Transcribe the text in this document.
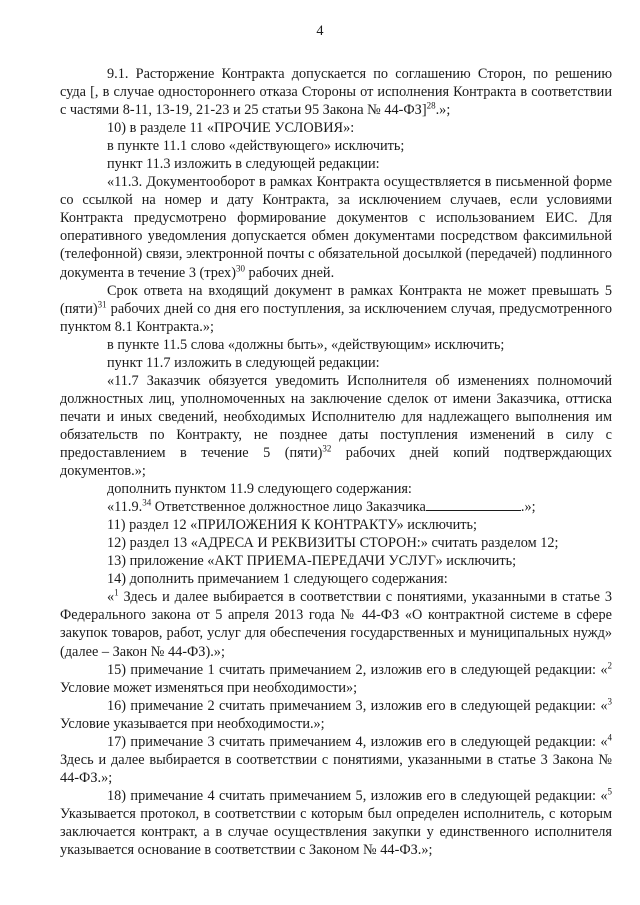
4

9.1. Расторжение Контракта допускается по соглашению Сторон, по решению суда [, в случае одностороннего отказа Стороны от исполнения Контракта в соответствии с частями 8-11, 13-19, 21-23 и 25 статьи 95 Закона № 44-ФЗ]$^{28}$.»;

10) в разделе 11 «ПРОЧИЕ УСЛОВИЯ»:

в пункте 11.1 слово «действующего» исключить;

пункт 11.3 изложить в следующей редакции:

«11.3. Документооборот в рамках Контракта осуществляется в письменной форме со ссылкой на номер и дату Контракта, за исключением случаев, если условиями Контракта предусмотрено формирование документов с использованием ЕИС. Для оперативного уведомления допускается обмен документами посредством факсимильной (телефонной) связи, электронной почты с обязательной досылкой (передачей) подлинного документа в течение 3 (трех)$^{30}$ рабочих дней.

Срок ответа на входящий документ в рамках Контракта не может превышать 5 (пяти)$^{31}$ рабочих дней со дня его поступления, за исключением случая, предусмотренного пунктом 8.1 Контракта.»;

в пункте 11.5 слова «должны быть», «действующим» исключить;

пункт 11.7 изложить в следующей редакции:

«11.7 Заказчик обязуется уведомить Исполнителя об изменениях полномочий должностных лиц, уполномоченных на заключение сделок от имени Заказчика, оттиска печати и иных сведений, необходимых Исполнителю для надлежащего выполнения им обязательств по Контракту, не позднее даты поступления изменений в силу с предоставлением в течение 5 (пяти)$^{32}$ рабочих дней копий подтверждающих документов.»;

дополнить пунктом 11.9 следующего содержания:

«11.9.34 Ответственное должностное лицо Заказчика	.»;

11) раздел 12 «ПРИЛОЖЕНИЯ К КОНТРАКТУ» исключить;

12) раздел 13 «АДРЕСА И РЕКВИЗИТЫ СТОРОН:» считать разделом 12;

13) приложение «АКТ ПРИЕМА-ПЕРЕДАЧИ УСЛУГ» исключить;

14) дополнить примечанием 1 следующего содержания:

«$^1$ Здесь и далее выбирается в соответствии с понятиями, указанными в статье 3 Федерального закона от 5 апреля 2013 года № 44-ФЗ «О контрактной системе в сфере закупок товаров, работ, услуг для обеспечения государственных и муниципальных нужд» (далее – Закон № 44-ФЗ).»;

15) примечание 1 считать примечанием 2, изложив его в следующей редакции: «$^2$ Условие может изменяться при необходимости»;

16) примечание 2 считать примечанием 3, изложив его в следующей редакции: «$^3$ Условие указывается при необходимости.»;

17) примечание 3 считать примечанием 4, изложив его в следующей редакции: «$^4$ Здесь и далее выбирается в соответствии с понятиями, указанными в статье 3 Закона № 44-ФЗ.»;

18) примечание 4 считать примечанием 5, изложив его в следующей редакции: «$^5$ Указывается протокол, в соответствии с которым был определен исполнитель, с которым заключается контракт, а в случае осуществления закупки у единственного исполнителя указывается основание в соответствии с Законом № 44-ФЗ.»;
